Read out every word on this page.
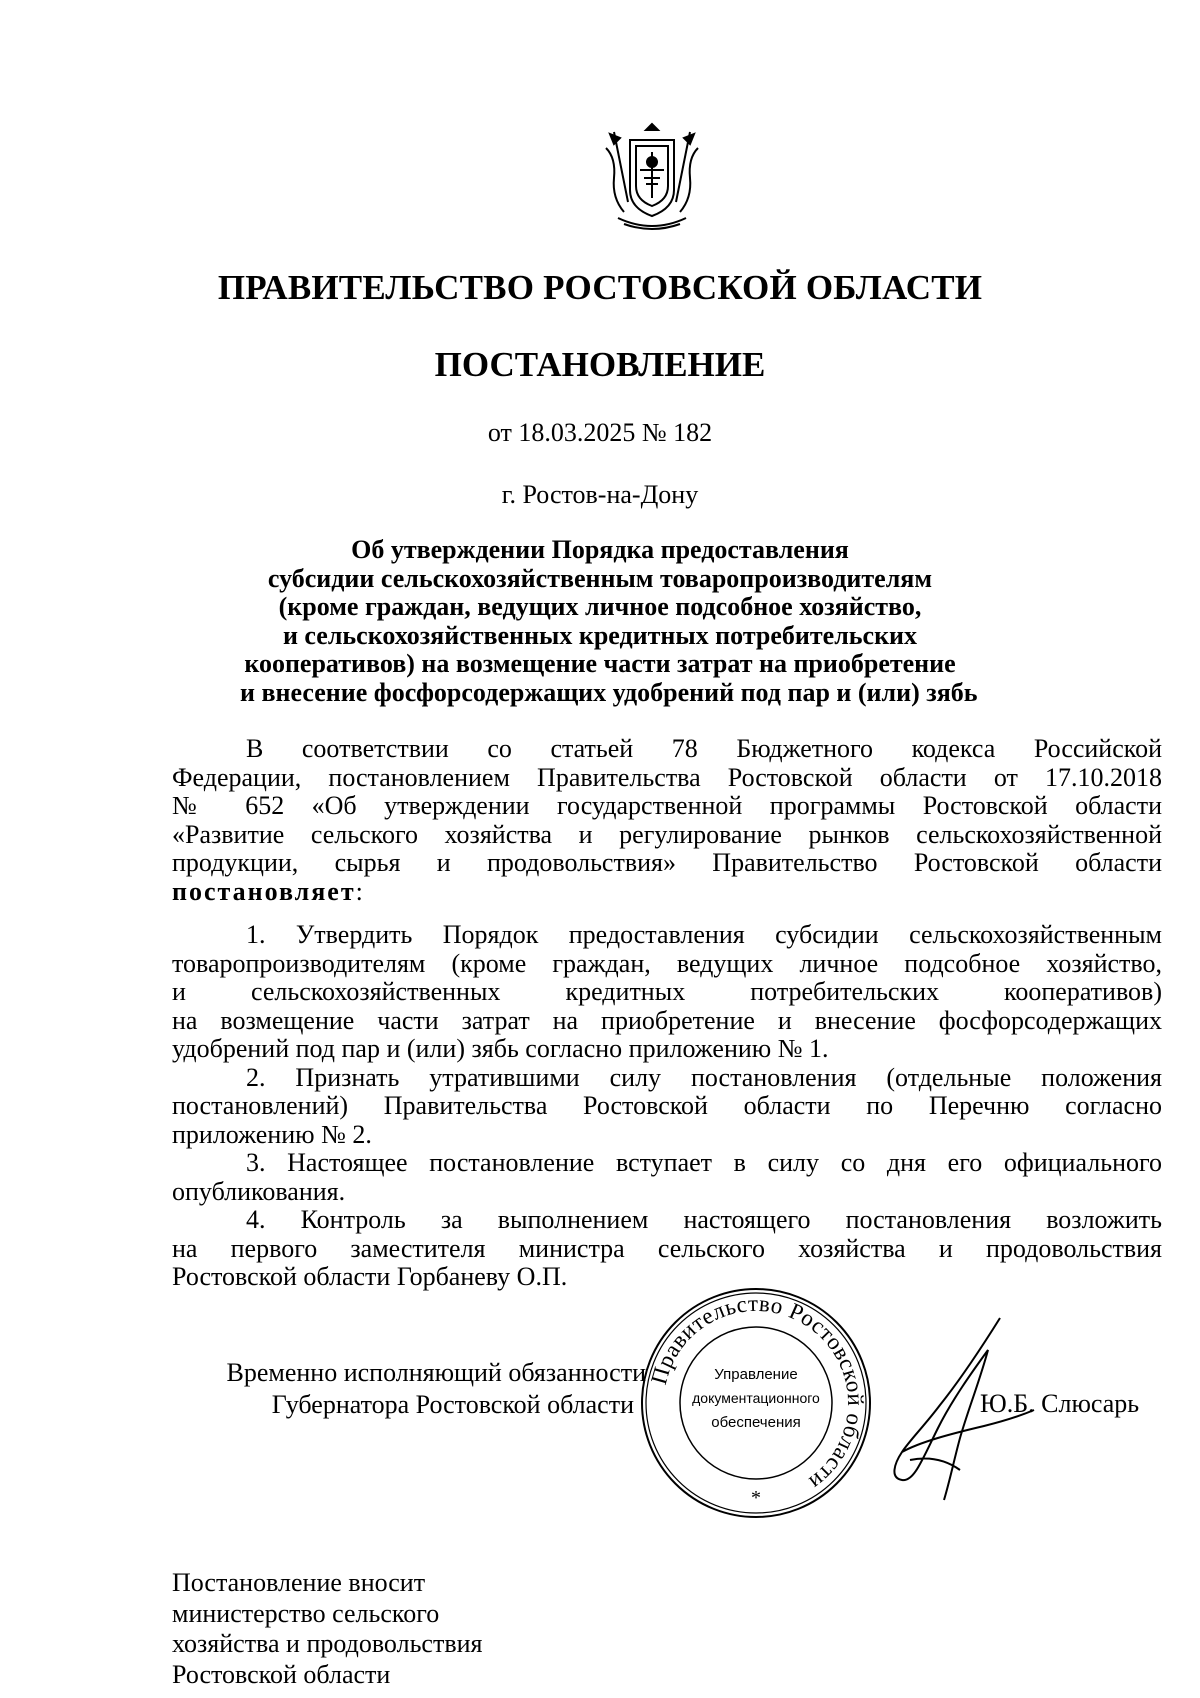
ПРАВИТЕЛЬСТВО РОСТОВСКОЙ ОБЛАСТИ
ПОСТАНОВЛЕНИЕ
от 18.03.2025 № 182
г. Ростов-на-Дону
Об утверждении Порядка предоставления
субсидии сельскохозяйственным товаропроизводителям
(кроме граждан, ведущих личное подсобное хозяйство,
и сельскохозяйственных кредитных потребительских
кооперативов) на возмещение части затрат на приобретение
и внесение фосфорсодержащих удобрений под пар и (или) зябь
В соответствии со статьей 78 Бюджетного кодекса Российской
Федерации, постановлением Правительства Ростовской области от 17.10.2018
№ 652 «Об утверждении государственной программы Ростовской области
«Развитие сельского хозяйства и регулирование рынков сельскохозяйственной
продукции, сырья и продовольствия» Правительство Ростовской области
постановляет:
1. Утвердить Порядок предоставления субсидии сельскохозяйственным
товаропроизводителям (кроме граждан, ведущих личное подсобное хозяйство,
и сельскохозяйственных кредитных потребительских кооперативов)
на возмещение части затрат на приобретение и внесение фосфорсодержащих
удобрений под пар и (или) зябь согласно приложению № 1.
2. Признать утратившими силу постановления (отдельные положения
постановлений) Правительства Ростовской области по Перечню согласно
приложению № 2.
3. Настоящее постановление вступает в силу со дня его официального
опубликования.
4. Контроль за выполнением настоящего постановления возложить
на первого заместителя министра сельского хозяйства и продовольствия
Ростовской области Горбаневу О.П.
Правительство Ростовской области
Управление
документационного
обеспечения
*
Временно исполняющий обязанности
Губернатора Ростовской области	Ю.Б. Слюсарь
Постановление вносит
министерство сельского
хозяйства и продовольствия
Ростовской области
